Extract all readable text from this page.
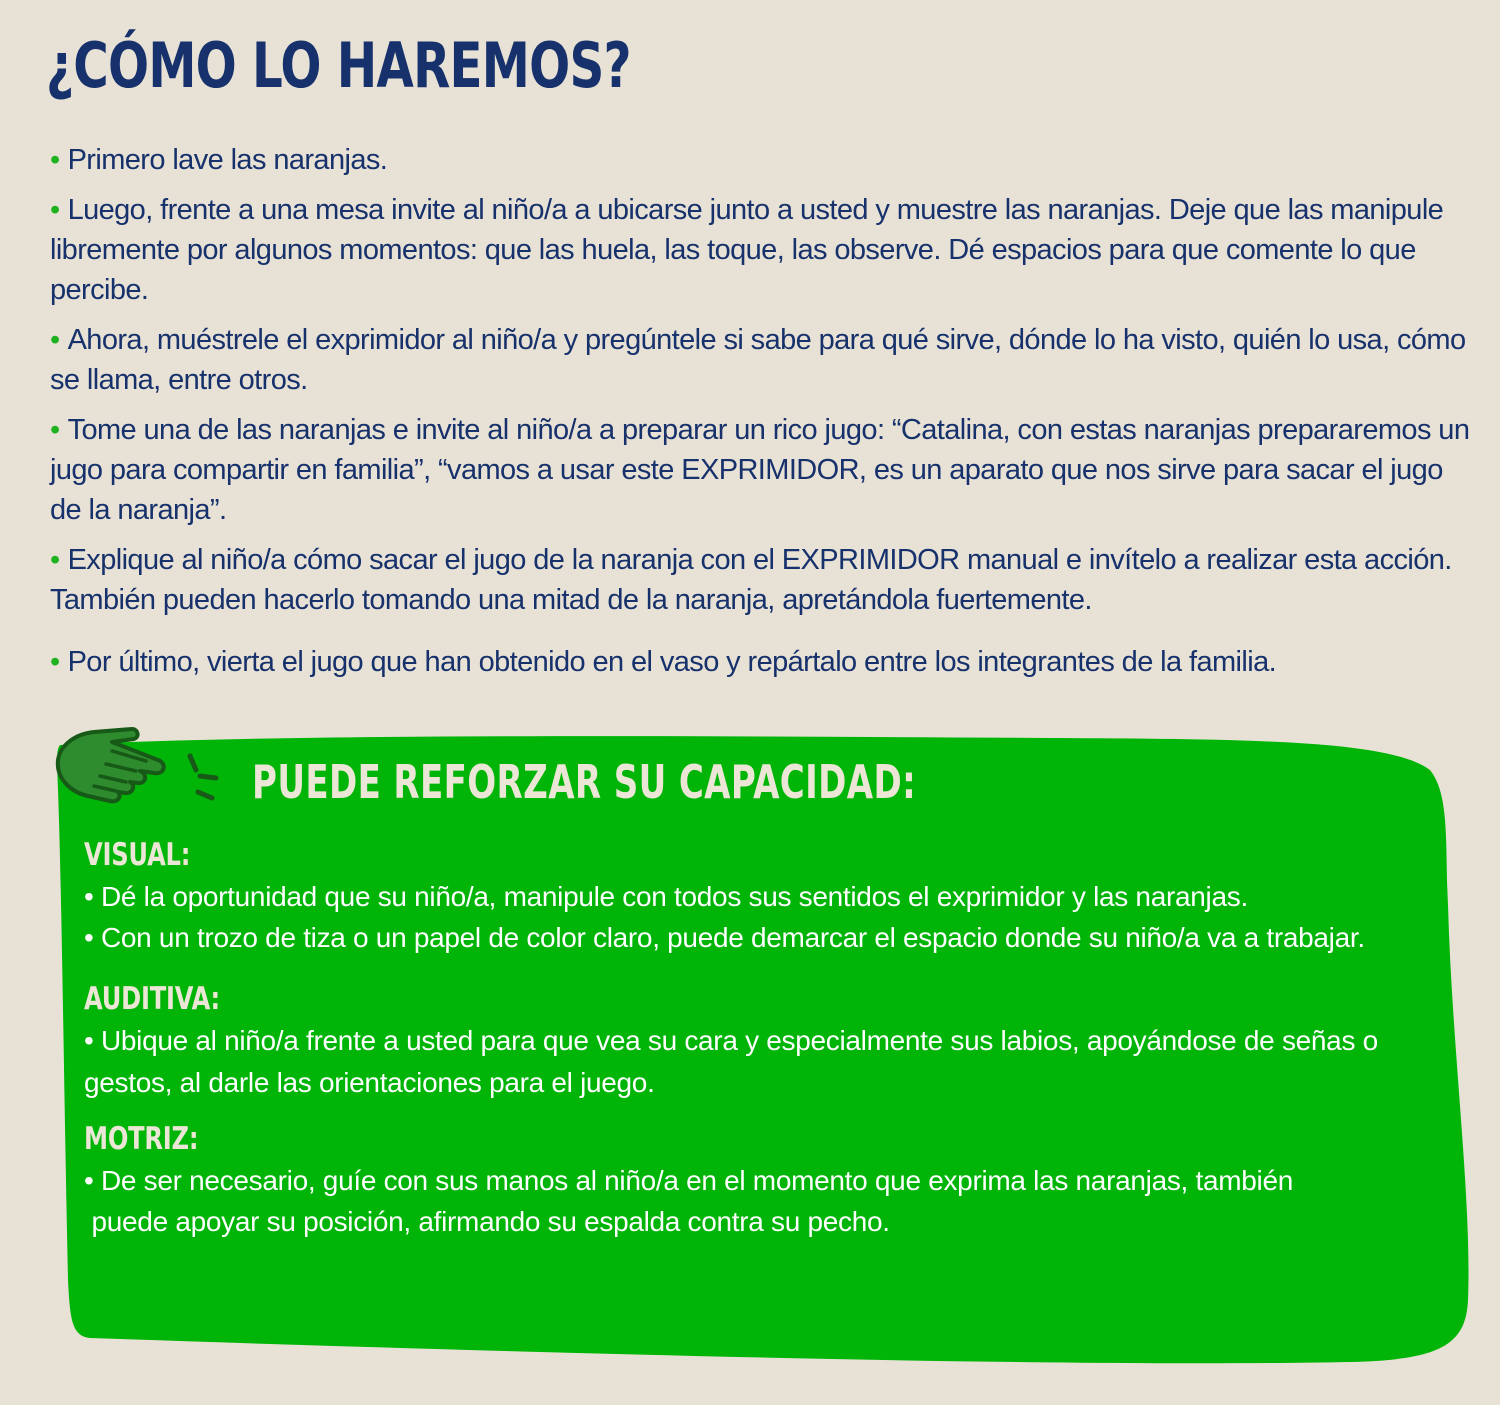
¿CÓMO LO HAREMOS?
• Primero lave las naranjas.
• Luego, frente a una mesa invite al niño/a a ubicarse junto a usted y muestre las naranjas. Deje que las manipule libremente por algunos momentos: que las huela, las toque, las observe. Dé espacios para que comente lo que percibe.
• Ahora, muéstrele el exprimidor al niño/a y pregúntele si sabe para qué sirve, dónde lo ha visto, quién lo usa, cómo se llama, entre otros.
• Tome una de las naranjas e invite al niño/a a preparar un rico jugo: “Catalina, con estas naranjas prepararemos un jugo para compartir en familia”, “vamos a usar este EXPRIMIDOR, es un aparato que nos sirve para sacar el jugo de la naranja”.
• Explique al niño/a cómo sacar el jugo de la naranja con el EXPRIMIDOR manual e invítelo a realizar esta acción. También pueden hacerlo tomando una mitad de la naranja, apretándola fuertemente.
• Por último, vierta el jugo que han obtenido en el vaso y repártalo entre los integrantes de la familia.
PUEDE REFORZAR SU CAPACIDAD:

VISUAL:

• Dé la oportunidad que su niño/a, manipule con todos sus sentidos el exprimidor y las naranjas.

• Con un trozo de tiza o un papel de color claro, puede demarcar el espacio donde su niño/a va a trabajar.

AUDITIVA:

• Ubique al niño/a frente a usted para que vea su cara y especialmente sus labios, apoyándose de señas o gestos, al darle las orientaciones para el juego.

MOTRIZ:

• De ser necesario, guíe con sus manos al niño/a en el momento que exprima las naranjas, también

puede apoyar su posición, afirmando su espalda contra su pecho.
